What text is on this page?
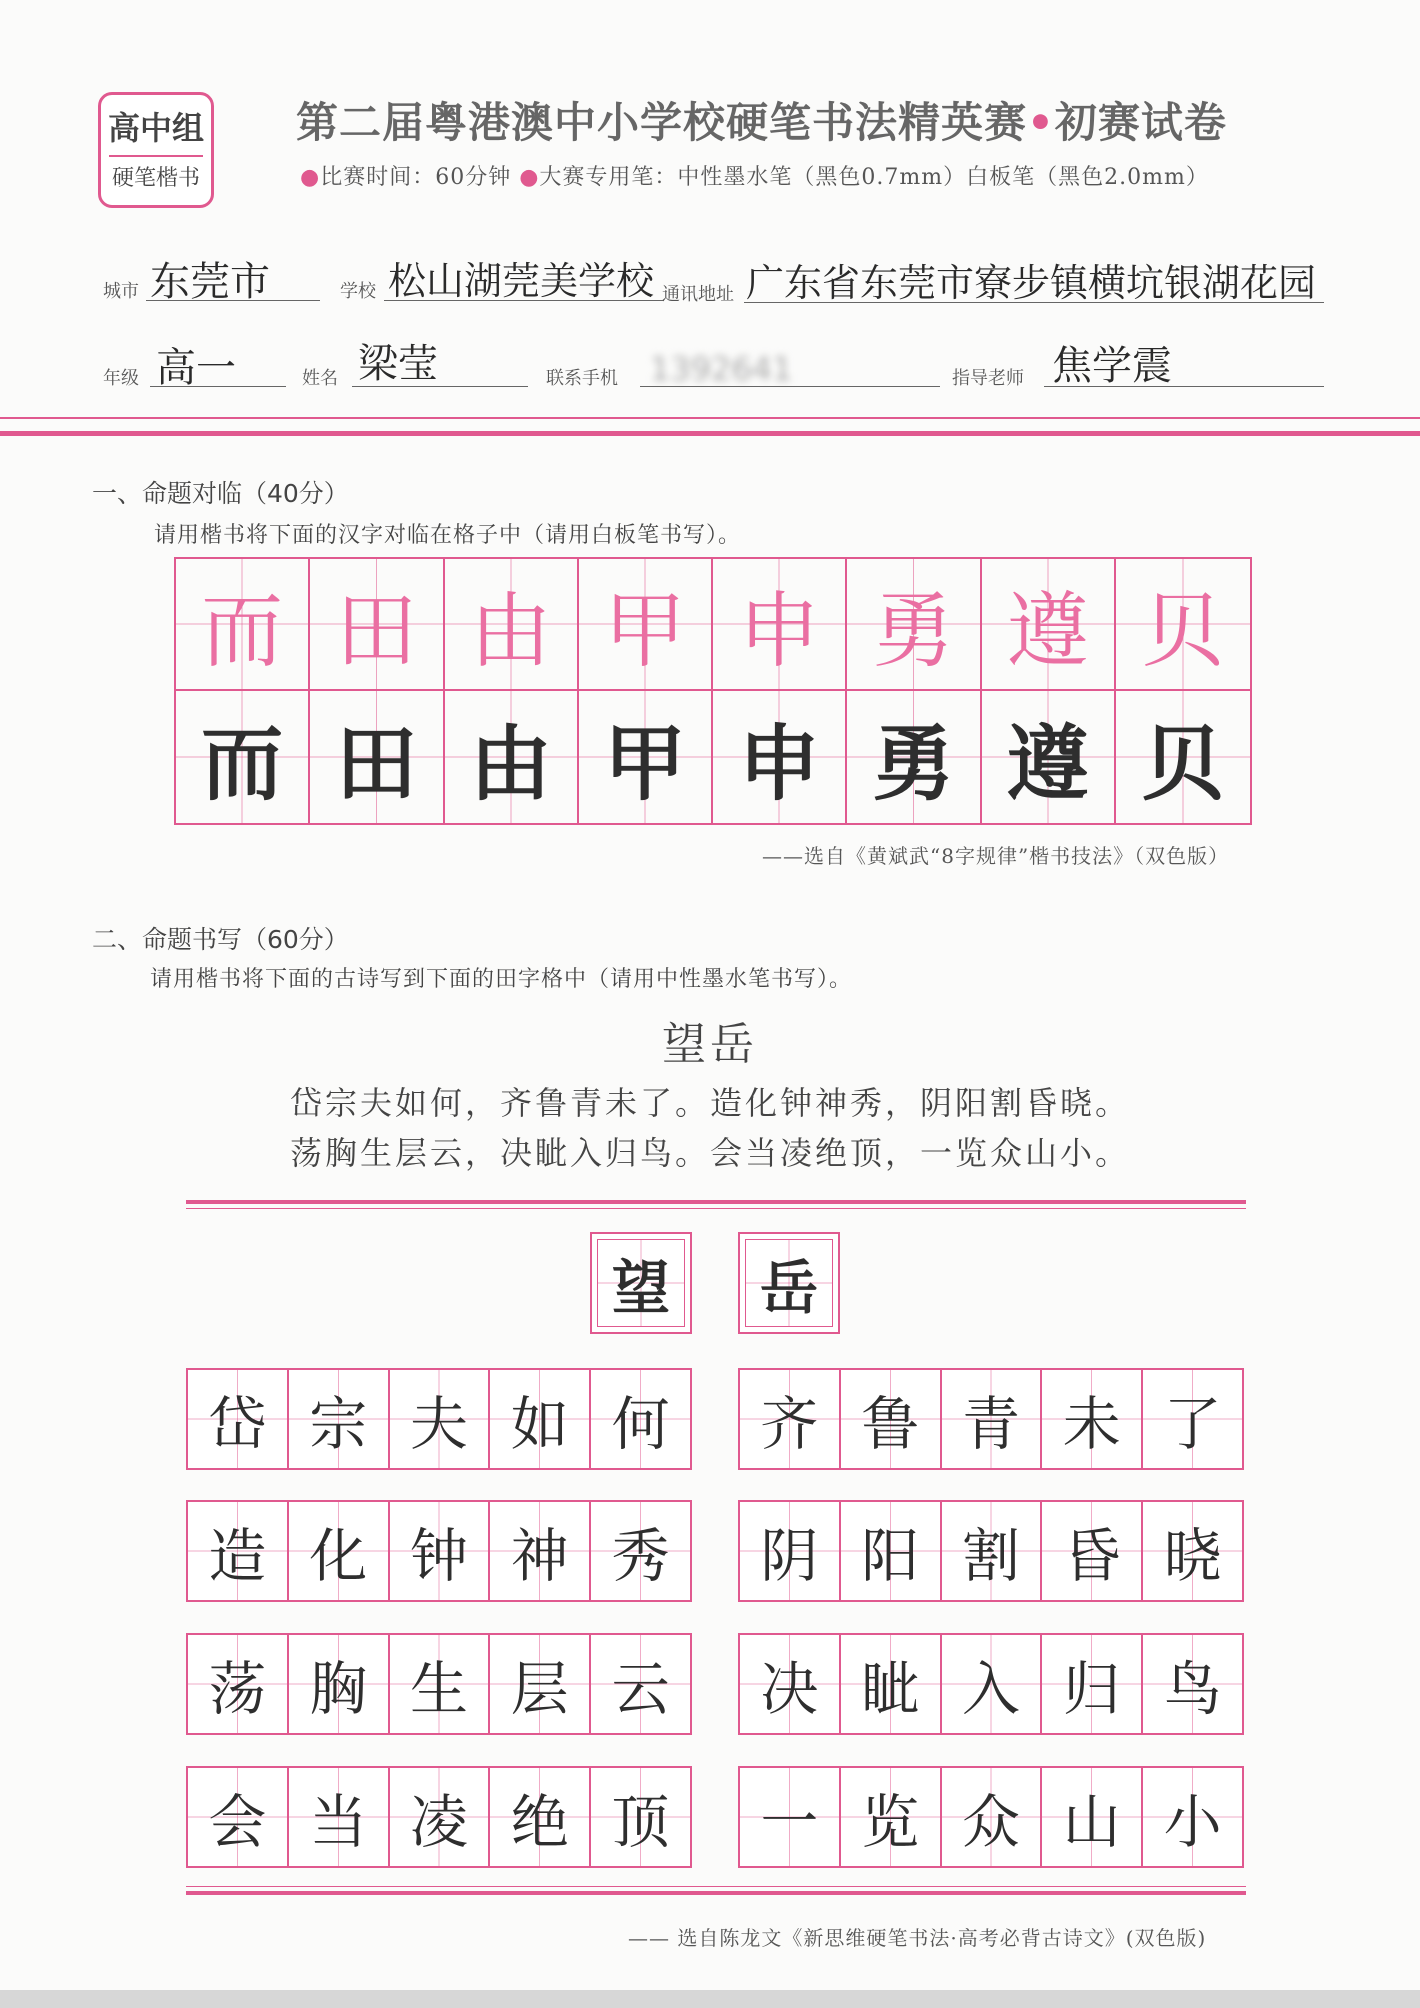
高中组
硬笔楷书
第二届粤港澳中小学校硬笔书法精英赛•初赛试卷
●比赛时间：60分钟 ●大赛专用笔：中性墨水笔（黑色0.7mm）白板笔（黑色2.0mm）
城市 东莞市	学校 松山湖莞美学校 通讯地址 广东省东莞市寮步镇横坑银湖花园
年级 高一	姓名 梁莹	联系手机 1392641	指导老师 焦学震
一、命题对临（40分）
请用楷书将下面的汉字对临在格子中（请用白板笔书写）。
而 田 由 甲 申 勇 遵 贝
而 田 由 甲 申 勇 遵 贝
——选自《黄斌武“8字规律”楷书技法》（双色版）
二、命题书写（60分）
请用楷书将下面的古诗写到下面的田字格中（请用中性墨水笔书写）。
望岳
岱宗夫如何，齐鲁青未了。造化钟神秀，阴阳割昏晓。
荡胸生层云，决眦入归鸟。会当凌绝顶，一览众山小。
望 岳
岱 宗 夫 如 何	齐 鲁 青 未 了
造 化 钟 神 秀	阴 阳 割 昏 晓
荡 胸 生 层 云	决 眦 入 归 鸟
会 当 凌 绝 顶	一 览 众 山 小
—— 选自陈龙文《新思维硬笔书法·高考必背古诗文》(双色版)
